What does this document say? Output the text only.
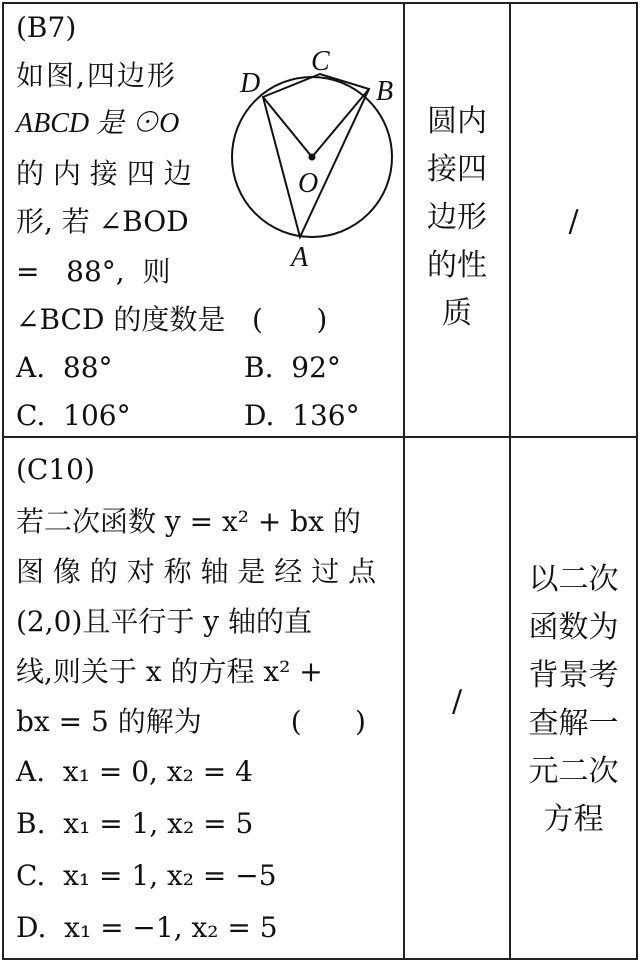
(B7)
如图,四边形
ABCD 是 ⊙O
的 内 接 四 边
形, 若 ∠BOD
=   88°,  则
∠BCD 的度数是   (      )
A.  88°	B.  92°
C.  106°	D.  136°
D
C
B
O
A
圆内
接四
边形
的性
质
/
(C10)
若二次函数 y = x² + bx 的
图 像 的 对 称 轴 是 经 过 点
(2,0)且平行于 y 轴的直
线,则关于 x 的方程 x² +
bx = 5 的解为          (      )
A.  x₁ = 0, x₂ = 4
B.  x₁ = 1, x₂ = 5
C.  x₁ = 1, x₂ = −5
D.  x₁ = −1, x₂ = 5
/
以二次
函数为
背景考
查解一
元二次
方程
